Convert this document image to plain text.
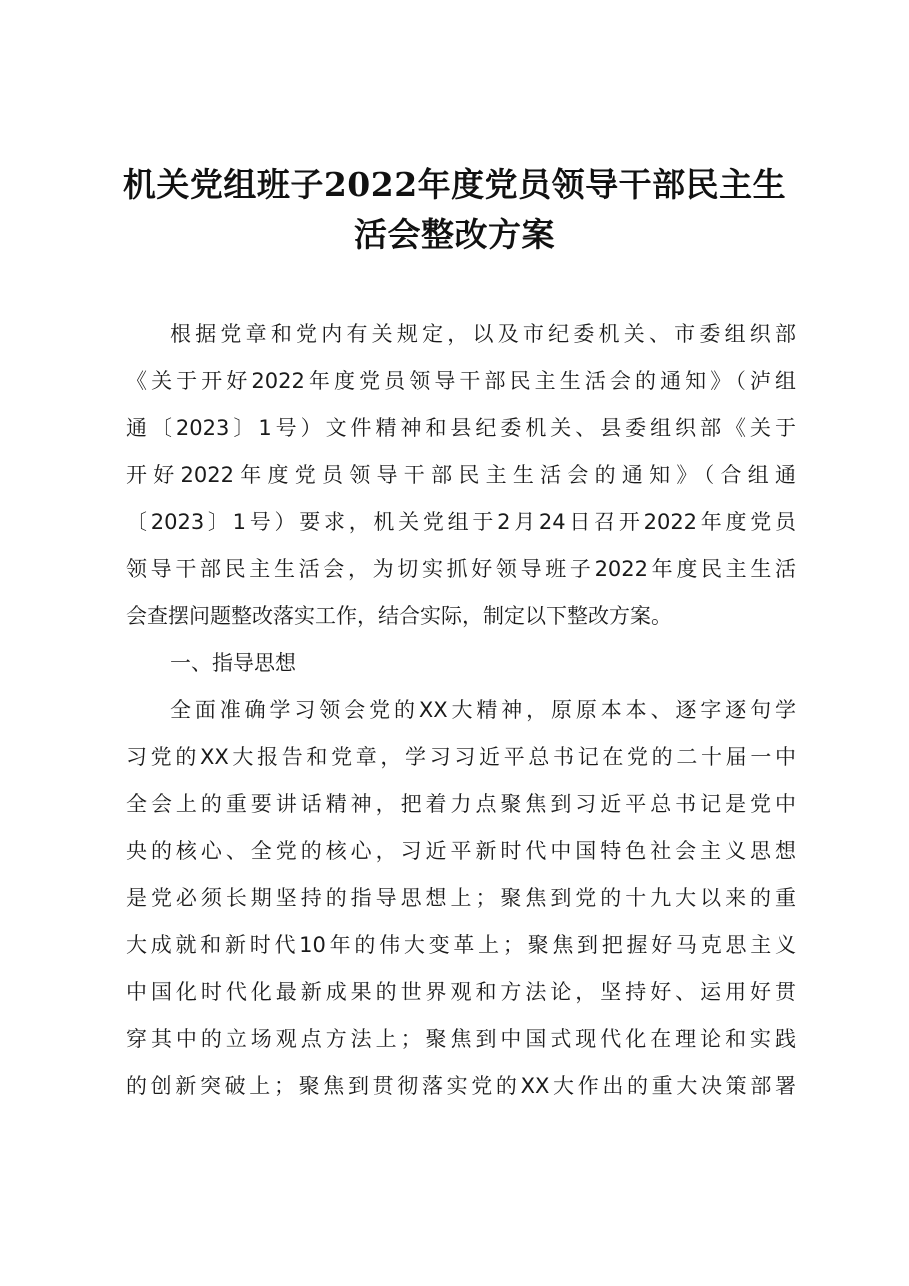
机关党组班子2022年度党员领导干部民主生
活会整改方案
根据党章和党内有关规定，以及市纪委机关、市委组织部
《关于开好2022年度党员领导干部民主生活会的通知》（泸组
通〔2023〕1号）文件精神和县纪委机关、县委组织部《关于
开好2022年度党员领导干部民主生活会的通知》（合组通
〔2023〕1号）要求，机关党组于2月24日召开2022年度党员
领导干部民主生活会，为切实抓好领导班子2022年度民主生活
会查摆问题整改落实工作，结合实际，制定以下整改方案。
一、指导思想
全面准确学习领会党的XX大精神，原原本本、逐字逐句学
习党的XX大报告和党章，学习习近平总书记在党的二十届一中
全会上的重要讲话精神，把着力点聚焦到习近平总书记是党中
央的核心、全党的核心，习近平新时代中国特色社会主义思想
是党必须长期坚持的指导思想上；聚焦到党的十九大以来的重
大成就和新时代10年的伟大变革上；聚焦到把握好马克思主义
中国化时代化最新成果的世界观和方法论，坚持好、运用好贯
穿其中的立场观点方法上；聚焦到中国式现代化在理论和实践
的创新突破上；聚焦到贯彻落实党的XX大作出的重大决策部署
